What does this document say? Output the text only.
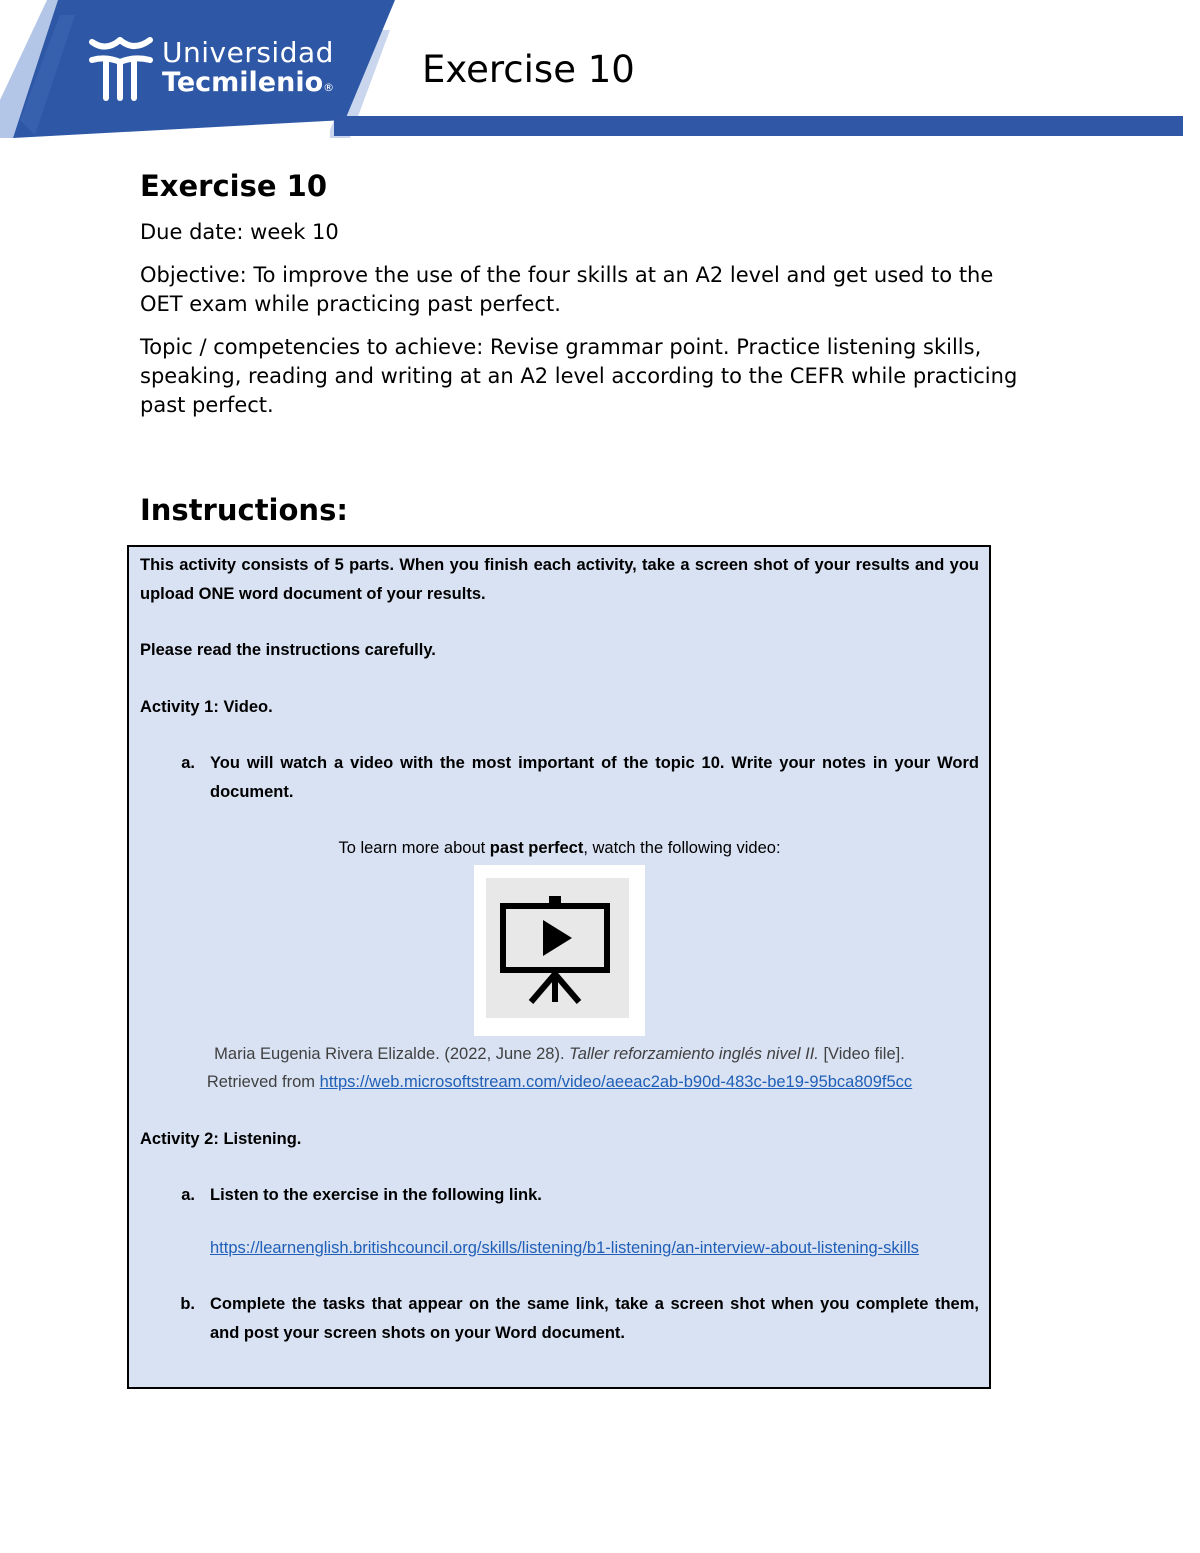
Universidad
Tecmilenio® Exercise 10
Exercise 10

Due date: week 10

Objective: To improve the use of the four skills at an A2 level and get used to the OET exam while practicing past perfect.

Topic / competencies to achieve: Revise grammar point. Practice listening skills, speaking, reading and writing at an A2 level according to the CEFR while practicing past perfect.

Instructions:

This activity consists of 5 parts. When you finish each activity, take a screen shot of your results and you upload ONE word document of your results.

Please read the instructions carefully.

Activity 1: Video.

a. You will watch a video with the most important of the topic 10. Write your notes in your Word document.

To learn more about past perfect, watch the following video:

Maria Eugenia Rivera Elizalde. (2022, June 28). Taller reforzamiento inglés nivel II. [Video file].
Retrieved from https://web.microsoftstream.com/video/aeeac2ab-b90d-483c-be19-95bca809f5cc

Activity 2: Listening.

a. Listen to the exercise in the following link.
https://learnenglish.britishcouncil.org/skills/listening/b1-listening/an-interview-about-listening-skills
b. Complete the tasks that appear on the same link, take a screen shot when you complete them, and post your screen shots on your Word document.
